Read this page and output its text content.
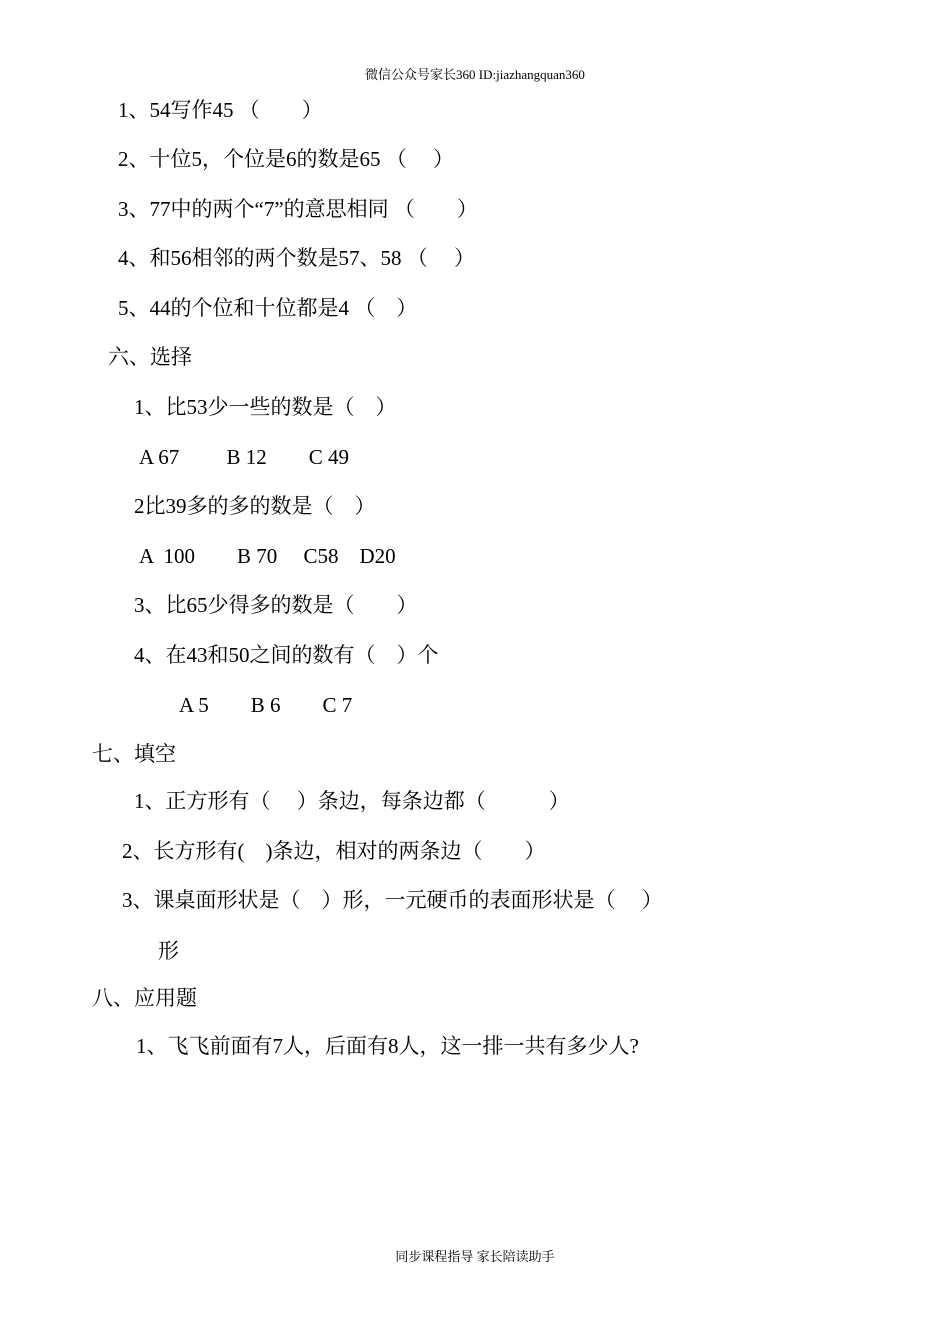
微信公众号家长360 ID:jiazhangquan360
1、54写作45 （　　）
2、十位5，个位是6的数是65 （　 ）
3、77中的两个“7”的意思相同 （　　）
4、和56相邻的两个数是57、58 （　 ）
5、44的个位和十位都是4 （　）
六、选择
1、比53少一些的数是（　）
A 67　　 B 12　　C 49
2比39多的多的数是（　）
A  100　　B 70　 C58　D20
3、比65少得多的数是（　　）
4、在43和50之间的数有（　）个
A 5　　B 6　　C 7
七、填空
1、正方形有（　 ）条边，每条边都（　　　）
2、长方形有(　)条边，相对的两条边（　　）
3、课桌面形状是（　）形，一元硬币的表面形状是（　 ）
形
八、应用题
1、飞飞前面有7人，后面有8人，这一排一共有多少人?
同步课程指导 家长陪读助手
